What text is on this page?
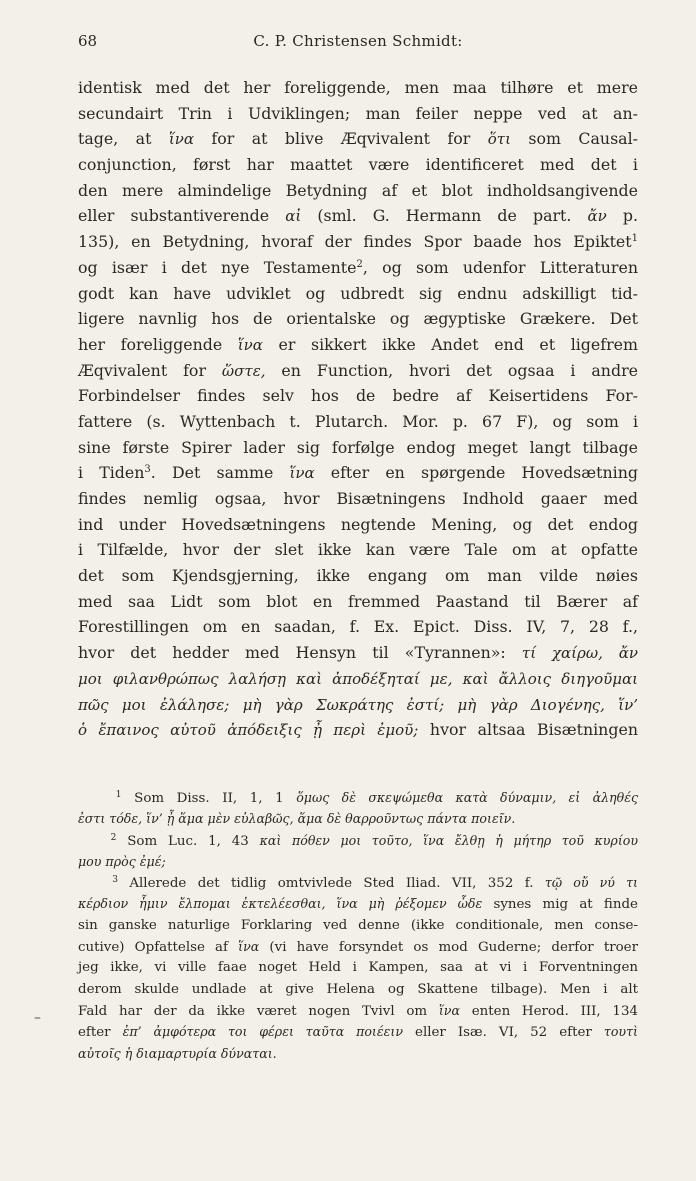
68	C. P. Christensen Schmidt:
identisk med det her foreliggende, men maa tilhøre et mere
secundairt Trin i Udviklingen; man feiler neppe ved at an-
tage, at ἵνα for at blive Æqvivalent for ὅτι som Causal-
conjunction, først har maattet være identificeret med det i
den mere almindelige Betydning af et blot indholdsangivende
eller substantiverende αἰ (sml. G. Hermann de part. ἄν p.
135), en Betydning, hvoraf der findes Spor baade hos Epiktet$^1$
og især i det nye Testamente$^2$, og som udenfor Litteraturen
godt kan have udviklet og udbredt sig endnu adskilligt tid-
ligere navnlig hos de orientalske og ægyptiske Grækere. Det
her foreliggende ἵνα er sikkert ikke Andet end et ligefrem
Æqvivalent for ὥστε, en Function, hvori det ogsaa i andre
Forbindelser findes selv hos de bedre af Keisertidens For-
fattere (s. Wyttenbach t. Plutarch. Mor. p. 67 F), og som i
sine første Spirer lader sig forfølge endog meget langt tilbage
i Tiden$^3$. Det samme ἵνα efter en spørgende Hovedsætning
findes nemlig ogsaa, hvor Bisætningens Indhold gaaer med
ind under Hovedsætningens negtende Mening, og det endog
i Tilfælde, hvor der slet ikke kan være Tale om at opfatte
det som Kjendsgjerning, ikke engang om man vilde nøies
med saa Lidt som blot en fremmed Paastand til Bærer af
Forestillingen om en saadan, f. Ex. Epict. Diss. IV, 7, 28 f.,
hvor det hedder med Hensyn til «Tyrannen»: τί χαίρω, ἄν
μοι φιλανθρώπως λαλήσῃ καὶ ἀποδέξηταί με, καὶ ἄλλοις διηγοῦμαι
πῶς μοι ἐλάλησε; μὴ γὰρ Σωκράτης ἐστί; μὴ γὰρ Διογένης, ἵν’
ὁ ἔπαινος αὐτοῦ ἀπόδειξις ᾖ περὶ ἐμοῦ; hvor altsaa Bisætningen
$^1$ Som Diss. II, 1, 1 ὅμως δὲ σκεψώμεθα κατὰ δύναμιν, εἰ ἀληθές
ἐστι τόδε, ἵν’ ᾖ ἅμα μὲν εὐλαβῶς, ἅμα δὲ θαρροῦντως πάντα ποιεῖν.
$^2$ Som Luc. 1, 43 καὶ πόθεν μοι τοῦτο, ἵνα ἔλθῃ ἡ μήτηρ τοῦ κυρίου
μου πρὸς ἐμέ;
$^3$ Allerede det tidlig omtvivlede Sted Iliad. VII, 352 f. τῷ οὔ νύ τι
κέρδιον ἧμιν ἔλπομαι ἐκτελέεσθαι, ἵνα μὴ ῥέξομεν ὧδε synes mig at finde
sin ganske naturlige Forklaring ved denne (ikke conditionale, men conse-
cutive) Opfattelse af ἵνα (vi have forsyndet os mod Guderne; derfor troer
jeg ikke, vi ville faae noget Held i Kampen, saa at vi i Forventningen
derom skulde undlade at give Helena og Skattene tilbage). Men i alt
Fald har der da ikke været nogen Tvivl om ἵνα enten Herod. III, 134
efter ἐπ’ ἀμφότερα τοι φέρει ταῦτα ποιέειν eller Isæ. VI, 52 efter τουτὶ
αὐτοῖς ἡ διαμαρτυρία δύναται.
–
